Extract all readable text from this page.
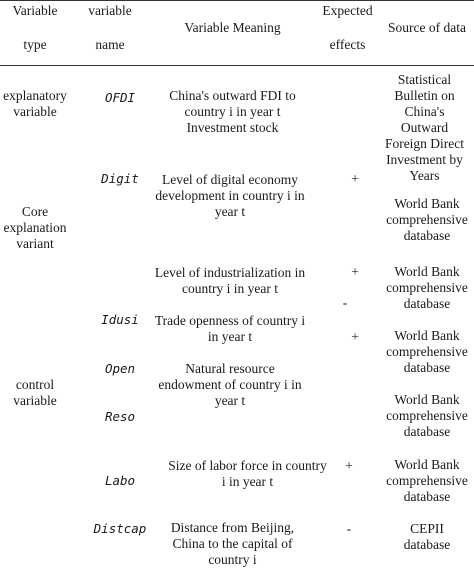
Variable
type
variable
name
Variable Meaning
Expected
effects
Source of data
explanatory
variable
Core
explanation
variant
control
variable
OFDI
Digit
Idusi
Open
Reso
Labo
Distcap
China's outward FDI to
country i in year t
Investment stock
Level of digital economy
development in country i in
year t
Level of industrialization in
country i in year t
Trade openness of country i
in year t
Natural resource
endowment of country i in
year t
Size of labor force in country
i in year t
Distance from Beijing,
China to the capital of
country i
+
+
-
+
+
-
Statistical
Bulletin on
China's
Outward
Foreign Direct
Investment by
Years
World Bank
comprehensive
database
World Bank
comprehensive
database
World Bank
comprehensive
database
World Bank
comprehensive
database
World Bank
comprehensive
database
CEPII
database
